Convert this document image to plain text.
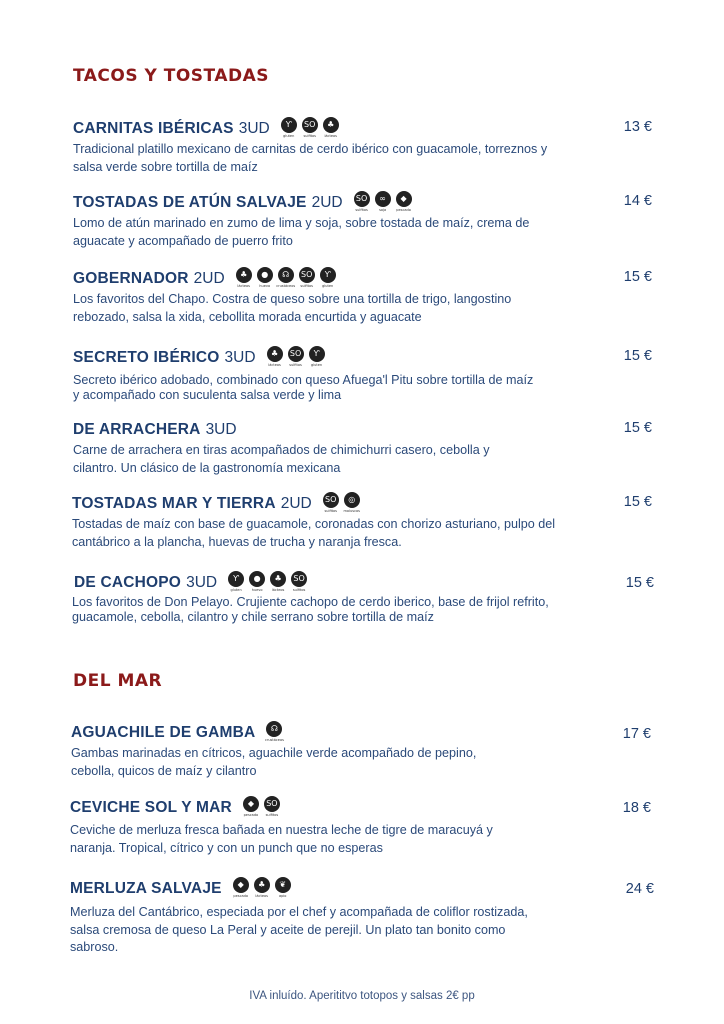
TACOS Y TOSTADAS
CARNITAS IBÉRICAS 3UD	Ƴ
gluten
SO
sulfitos
♣
lácteos
13 €
Tradicional platillo mexicano de carnitas de cerdo ibérico con guacamole, torreznos y salsa verde sobre tortilla de maíz
TOSTADAS DE ATÚN SALVAJE 2UD SO
sulfitos
∞
soja
◆
pescado
14 €
Lomo de atún marinado en zumo de lima y soja, sobre tostada de maíz, crema de aguacate y acompañado de puerro frito
GOBERNADOR 2UD	♣
lácteos
●
huevo
☊
crustáceos
SO
sulfitos
Ƴ
gluten
15 €
Los favoritos del Chapo. Costra de queso sobre una tortilla de trigo, langostino rebozado, salsa la xida, cebollita morada encurtida y aguacate
SECRETO IBÉRICO 3UD	♣
lácteos
SO
sulfitos
Ƴ
gluten
15 €
Secreto ibérico adobado, combinado con queso Afuega'l Pitu sobre tortilla de maíz y acompañado con suculenta salsa verde y lima
DE ARRACHERA 3UD	15 €
Carne de arrachera en tiras acompañados de chimichurri casero, cebolla y cilantro. Un clásico de la gastronomía mexicana
TOSTADAS MAR Y TIERRA 2UD SO
sulfitos
◎
moluscos
15 €
Tostadas de maíz con base de guacamole, coronadas con chorizo asturiano, pulpo del cantábrico a la plancha, huevas de trucha y naranja fresca.
DE CACHOPO 3UD	Ƴ
gluten
●
huevo
♣
lácteos
SO
sulfitos	15 €
Los favoritos de Don Pelayo. Crujiente cachopo de cerdo iberico, base de frijol refrito, guacamole, cebolla, cilantro y chile serrano sobre tortilla de maíz
DEL MAR
AGUACHILE DE GAMBA	☊
crustáceos	17 €
Gambas marinadas en cítricos, aguachile verde acompañado de pepino, cebolla, quicos de maíz y cilantro
CEVICHE SOL Y MAR	◆
pescado
SO
sulfitos	18 €
Ceviche de merluza fresca bañada en nuestra leche de tigre de maracuyá y naranja. Tropical, cítrico y con un punch que no esperas
MERLUZA SALVAJE	◆
pescado
♣
lácteos
❦
apio	24 €
Merluza del Cantábrico, especiada por el chef y acompañada de coliflor rostizada, salsa cremosa de queso La Peral y aceite de perejil. Un plato tan bonito como sabroso.
IVA inluído. Aperititvo totopos y salsas 2€ pp
